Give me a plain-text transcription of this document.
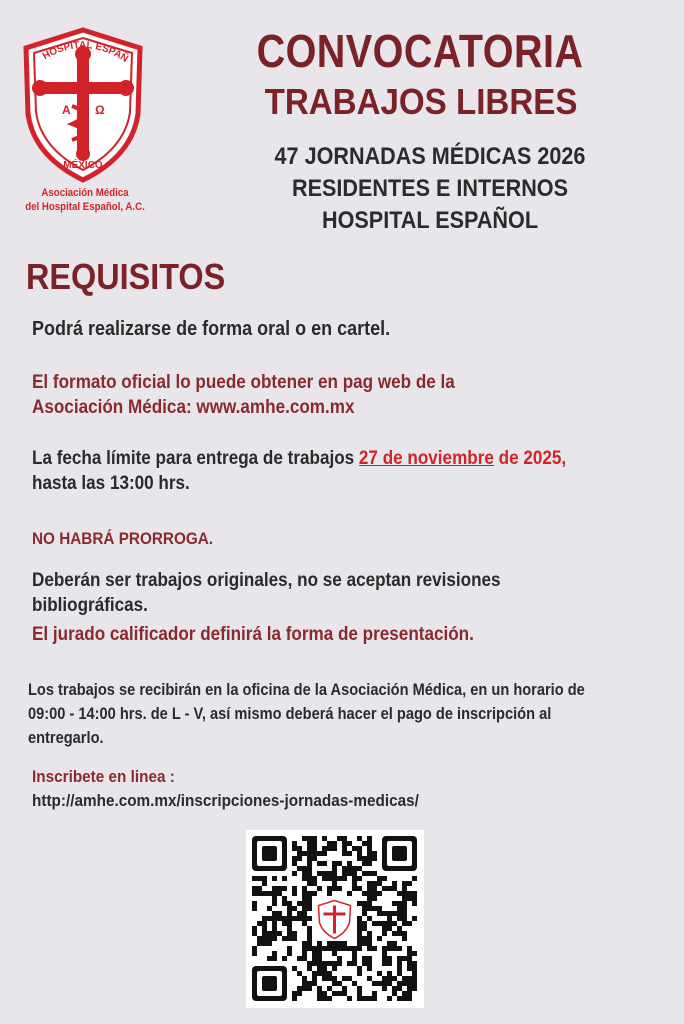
A Ω
HOSPITAL ESPAÑ
MÉXICO
Asociación Médica
del Hospital Español, A.C.
CONVOCATORIA
TRABAJOS LIBRES
47 JORNADAS MÉDICAS 2026
RESIDENTES E INTERNOS
HOSPITAL ESPAÑOL
REQUISITOS
Podrá realizarse de forma oral o en cartel.
El formato oficial lo puede obtener en pag web de la
Asociación Médica: www.amhe.com.mx
La fecha límite para entrega de trabajos 27 de noviembre de 2025,
hasta las 13:00 hrs.
NO HABRÁ PRORROGA.
Deberán ser trabajos originales, no se aceptan revisiones bibliográficas.
El jurado calificador definirá la forma de presentación.
Los trabajos se recibirán en la oficina de la Asociación Médica, en un horario de
09:00 - 14:00 hrs. de L - V, así mismo deberá hacer el pago de inscripción al entregarlo.
Inscribete en linea :
http://amhe.com.mx/inscripciones-jornadas-medicas/
